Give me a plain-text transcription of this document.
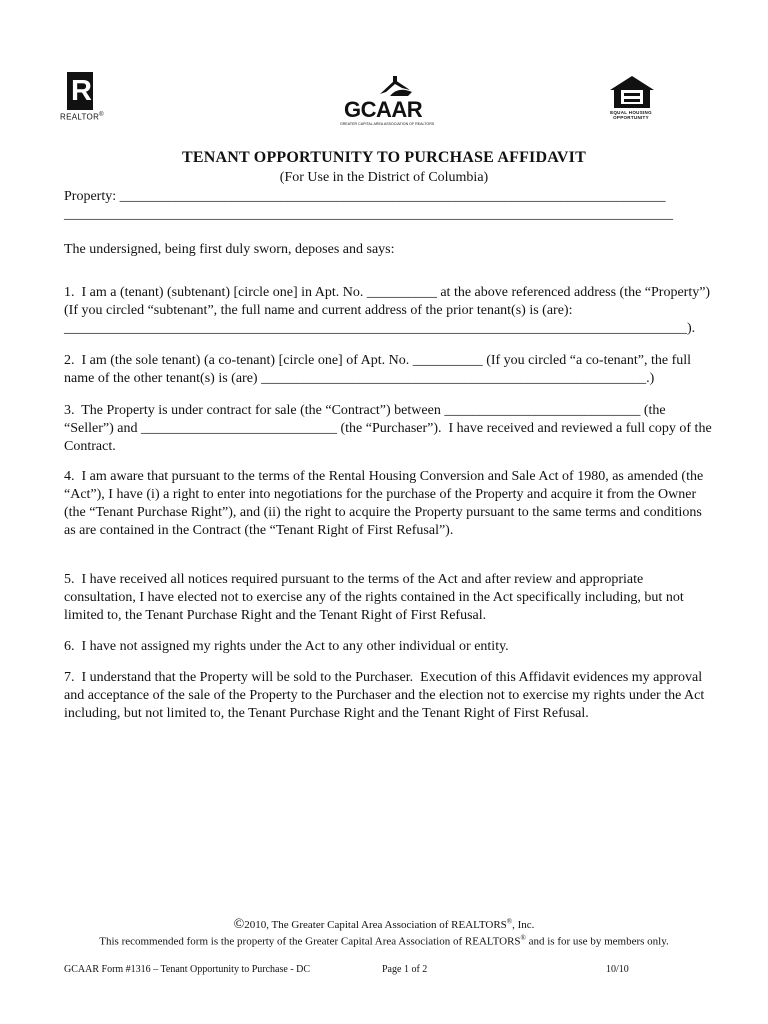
R
REALTOR®	GCAAR
GREATER CAPITAL AREA ASSOCIATION OF REALTORS
EQUAL HOUSING OPPORTUNITY
TENANT OPPORTUNITY TO PURCHASE AFFIDAVIT
(For Use in the District of Columbia)
Property: ______________________________________________________________________________
_______________________________________________________________________________________
The undersigned, being first duly sworn, deposes and says:
1.  I am a (tenant) (subtenant) [circle one] in Apt. No. __________ at the above referenced address (the “Property”) (If you circled “subtenant”, the full name and current address of the prior tenant(s) is (are): _________________________________________________________________________________________).
2.  I am (the sole tenant) (a co-tenant) [circle one] of Apt. No. __________ (If you circled “a co-tenant”, the full name of the other tenant(s) is (are) _______________________________________________________.)
3.  The Property is under contract for sale (the “Contract”) between ____________________________ (the “Seller”) and ____________________________ (the “Purchaser”).  I have received and reviewed a full copy of the Contract.
4.  I am aware that pursuant to the terms of the Rental Housing Conversion and Sale Act of 1980, as amended (the “Act”), I have (i) a right to enter into negotiations for the purchase of the Property and acquire it from the Owner (the “Tenant Purchase Right”), and (ii) the right to acquire the Property pursuant to the same terms and conditions as are contained in the Contract (the “Tenant Right of First Refusal”).
5.  I have received all notices required pursuant to the terms of the Act and after review and appropriate consultation, I have elected not to exercise any of the rights contained in the Act specifically including, but not limited to, the Tenant Purchase Right and the Tenant Right of First Refusal.
6.  I have not assigned my rights under the Act to any other individual or entity.
7.  I understand that the Property will be sold to the Purchaser.  Execution of this Affidavit evidences my approval and acceptance of the sale of the Property to the Purchaser and the election not to exercise my rights under the Act including, but not limited to, the Tenant Purchase Right and the Tenant Right of First Refusal.
©2010, The Greater Capital Area Association of REALTORS®, Inc.
This recommended form is the property of the Greater Capital Area Association of REALTORS® and is for use by members only.
GCAAR Form #1316 – Tenant Opportunity to Purchase - DC	Page 1 of 2	10/10
